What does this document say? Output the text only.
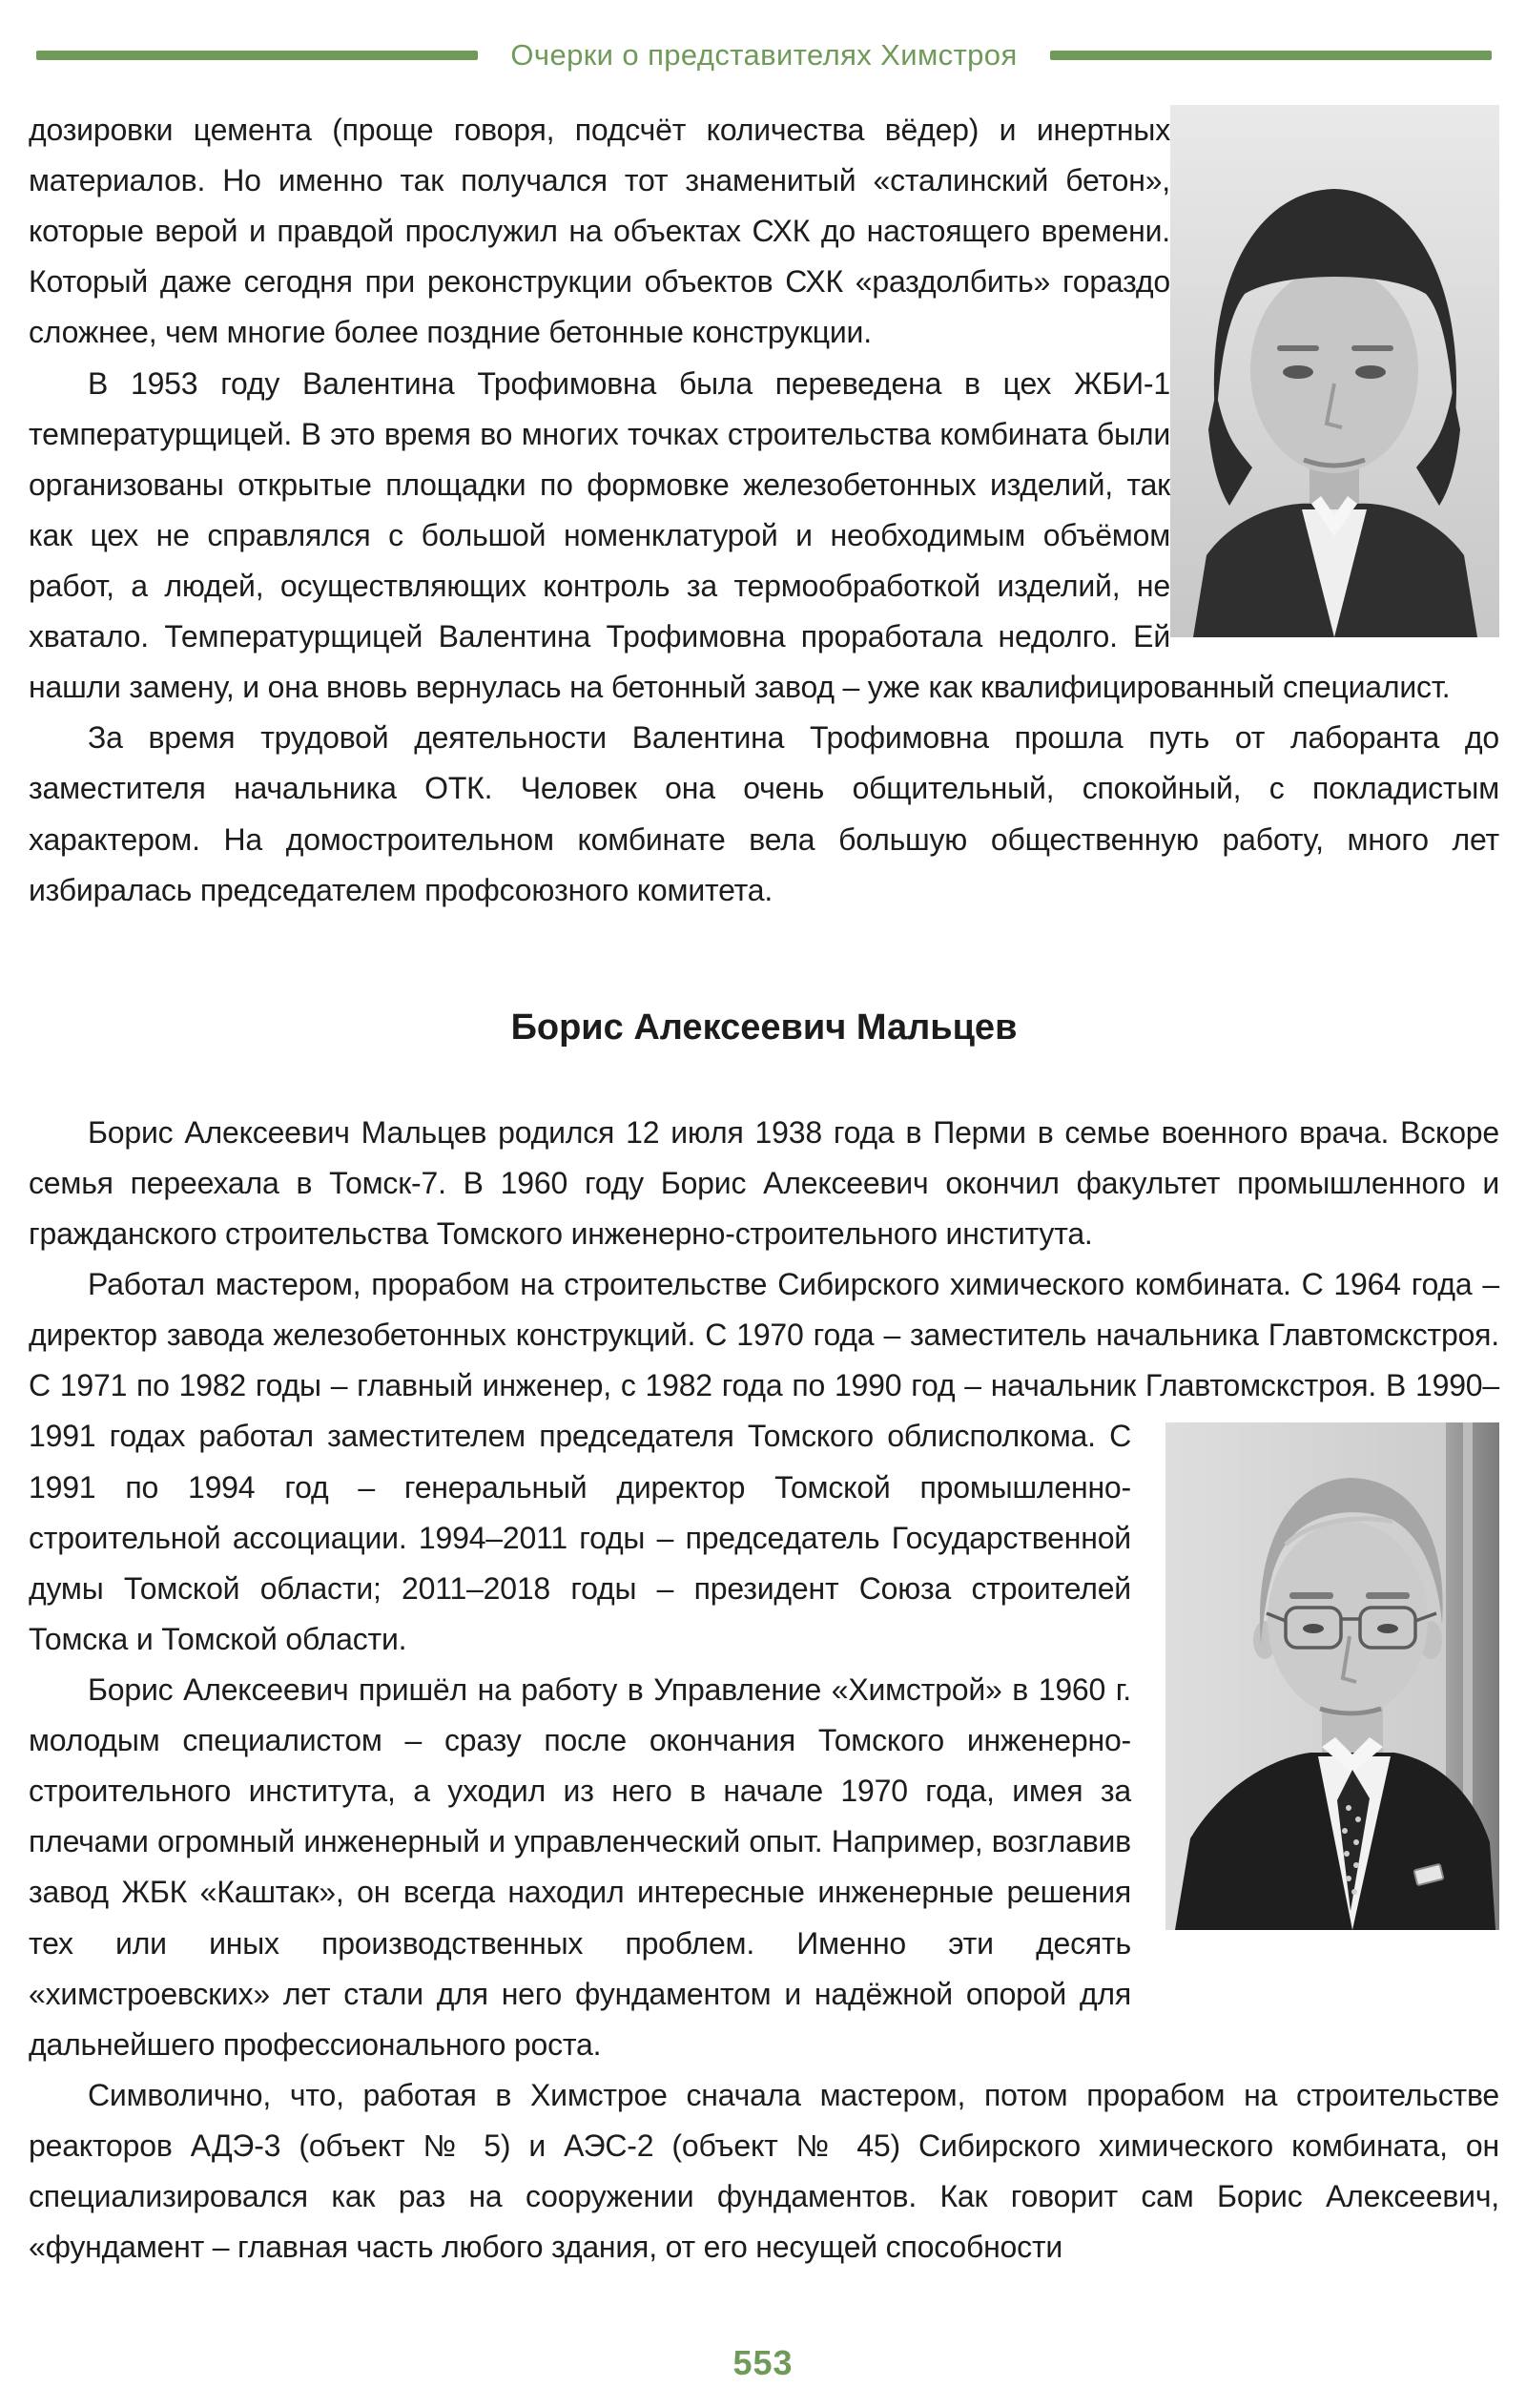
Очерки о представителях Химстроя

дозировки цемента (проще говоря, подсчёт количества вёдер) и инертных материалов. Но именно так получался тот знаменитый «сталинский бетон», которые верой и правдой прослужил на объектах СХК до настоящего времени. Который даже сегодня при реконструкции объектов СХК «раздолбить» гораздо сложнее, чем многие более поздние бетонные конструкции.

В 1953 году Валентина Трофимовна была переведена в цех ЖБИ-1 температурщицей. В это время во многих точках строительства комбината были организованы открытые площадки по формовке железобетонных изделий, так как цех не справлялся с большой номенклатурой и необходимым объёмом работ, а людей, осуществляющих контроль за термообработкой изделий, не хватало. Температурщицей Валентина Трофимовна проработала недолго. Ей нашли замену, и она вновь вернулась на бетонный завод – уже как квалифицированный специалист.

За время трудовой деятельности Валентина Трофимовна прошла путь от лаборанта до заместителя начальника ОТК. Человек она очень общительный, спокойный, с покладистым характером. На домостроительном комбинате вела большую общественную работу, много лет избиралась председателем профсоюзного комитета.

Борис Алексеевич Мальцев

Борис Алексеевич Мальцев родился 12 июля 1938 года в Перми в семье военного врача. Вскоре семья переехала в Томск-7. В 1960 году Борис Алексеевич окончил факультет промышленного и гражданского строительства Томского инженерно-строительного института.

Работал мастером, прорабом на строительстве Сибирского химического комбината. С 1964 года – директор завода железобетонных конструкций. С 1970 года – заместитель начальника Главтомскстроя. С 1971 по 1982 годы – главный инженер, с 1982 года по 1990 год – начальник Главтомскстроя. В 1990–1991 годах работал заместителем председателя Томского облисполкома. С 1991 по 1994 год – генеральный директор Томской промышленно-строительной ассоциации. 1994–2011 годы – председатель Государственной думы Томской области; 2011–2018 годы – президент Союза строителей Томска и Томской области.

Борис Алексеевич пришёл на работу в Управление «Химстрой» в 1960 г. молодым специалистом – сразу после окончания Томского инженерно-строительного института, а уходил из него в начале 1970 года, имея за плечами огромный инженерный и управленческий опыт. Например, возглавив завод ЖБК «Каштак», он всегда находил интересные инженерные решения тех или иных производственных проблем. Именно эти десять «химстроевских» лет стали для него фундаментом и надёжной опорой для дальнейшего профессионального роста.

Символично, что, работая в Химстрое сначала мастером, потом прорабом на строительстве реакторов АДЭ-3 (объект № 5) и АЭС-2 (объект № 45) Сибирского химического комбината, он специализировался как раз на сооружении фундаментов. Как говорит сам Борис Алексеевич, «фундамент – главная часть любого здания, от его несущей способности

553
